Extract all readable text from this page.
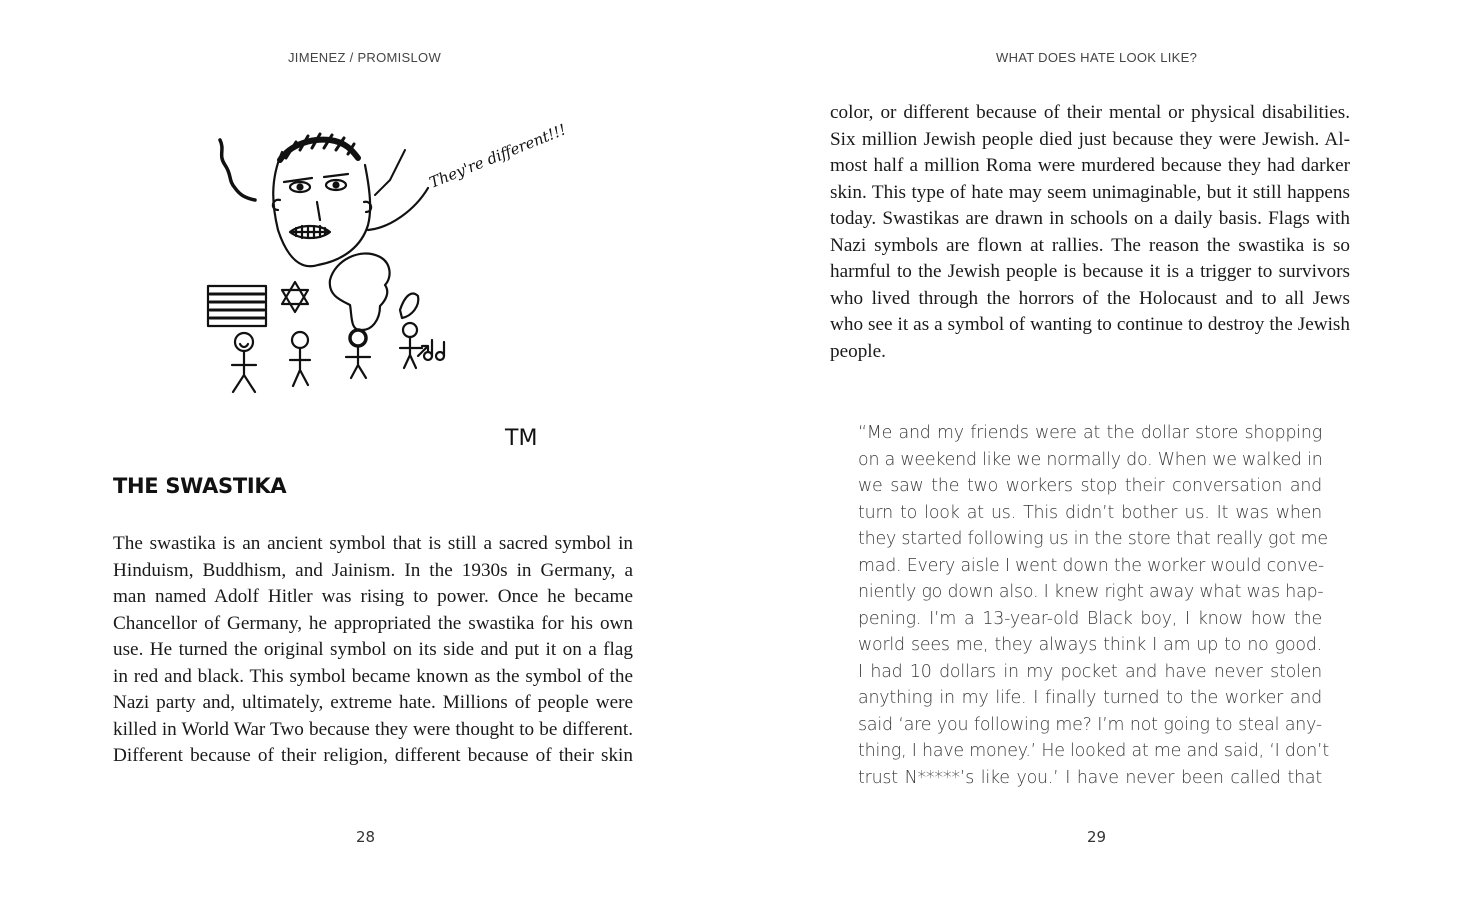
JIMENEZ / PROMISLOW
They're different!!!
TM
THE SWASTIKA
The swastika is an ancient symbol that is still a sacred symbol in
Hinduism, Buddhism, and Jainism. In the 1930s in Germany, a
man named Adolf Hitler was rising to power. Once he became
Chancellor of Germany, he appropriated the swastika for his own
use. He turned the original symbol on its side and put it on a flag
in red and black. This symbol became known as the symbol of the
Nazi party and, ultimately, extreme hate. Millions of people were
killed in World War Two because they were thought to be different.
Different because of their religion, different because of their skin
28
WHAT DOES HATE LOOK LIKE?
color, or different because of their mental or physical disabilities.
Six million Jewish people died just because they were Jewish. Al-
most half a million Roma were murdered because they had darker
skin. This type of hate may seem unimaginable, but it still happens
today. Swastikas are drawn in schools on a daily basis. Flags with
Nazi symbols are flown at rallies. The reason the swastika is so
harmful to the Jewish people is because it is a trigger to survivors
who lived through the horrors of the Holocaust and to all Jews
who see it as a symbol of wanting to continue to destroy the Jewish
people.
“Me and my friends were at the dollar store shopping
on a weekend like we normally do. When we walked in
we saw the two workers stop their conversation and
turn to look at us. This didn’t bother us. It was when
they started following us in the store that really got me
mad. Every aisle I went down the worker would conve-
niently go down also. I knew right away what was hap-
pening. I’m a 13-year-old Black boy, I know how the
world sees me, they always think I am up to no good.
I had 10 dollars in my pocket and have never stolen
anything in my life. I finally turned to the worker and
said ‘are you following me? I’m not going to steal any-
thing, I have money.’ He looked at me and said, ‘I don’t
trust N*****’s like you.’ I have never been called that
29
